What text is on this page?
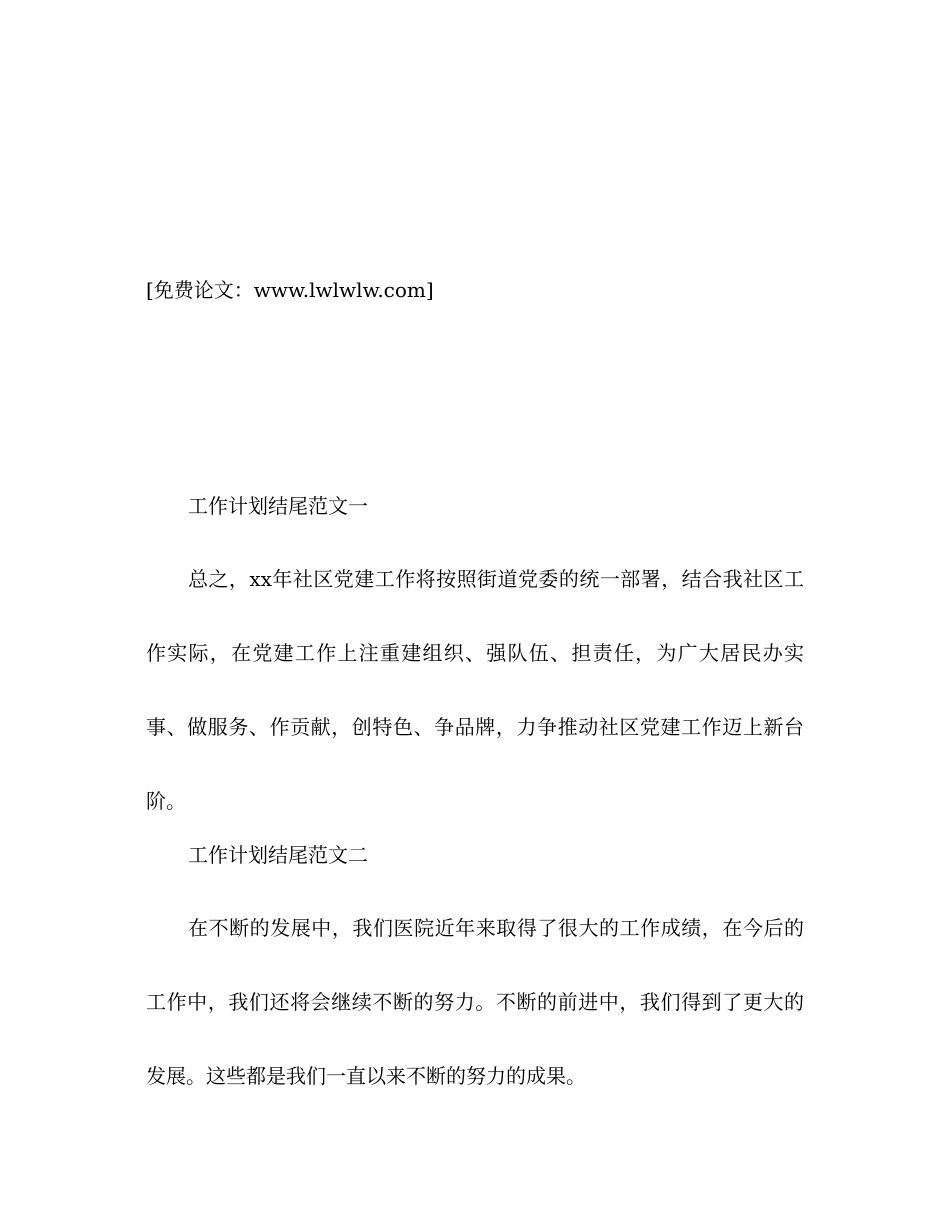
[免费论文：www.lwlwlw.com]
工作计划结尾范文一

总之，xx年社区党建工作将按照街道党委的统一部署，结合我社区工作实际，在党建工作上注重建组织、强队伍、担责任，为广大居民办实事、做服务、作贡献，创特色、争品牌，力争推动社区党建工作迈上新台阶。

工作计划结尾范文二

在不断的发展中，我们医院近年来取得了很大的工作成绩，在今后的工作中，我们还将会继续不断的努力。不断的前进中，我们得到了更大的发展。这些都是我们一直以来不断的努力的成果。
